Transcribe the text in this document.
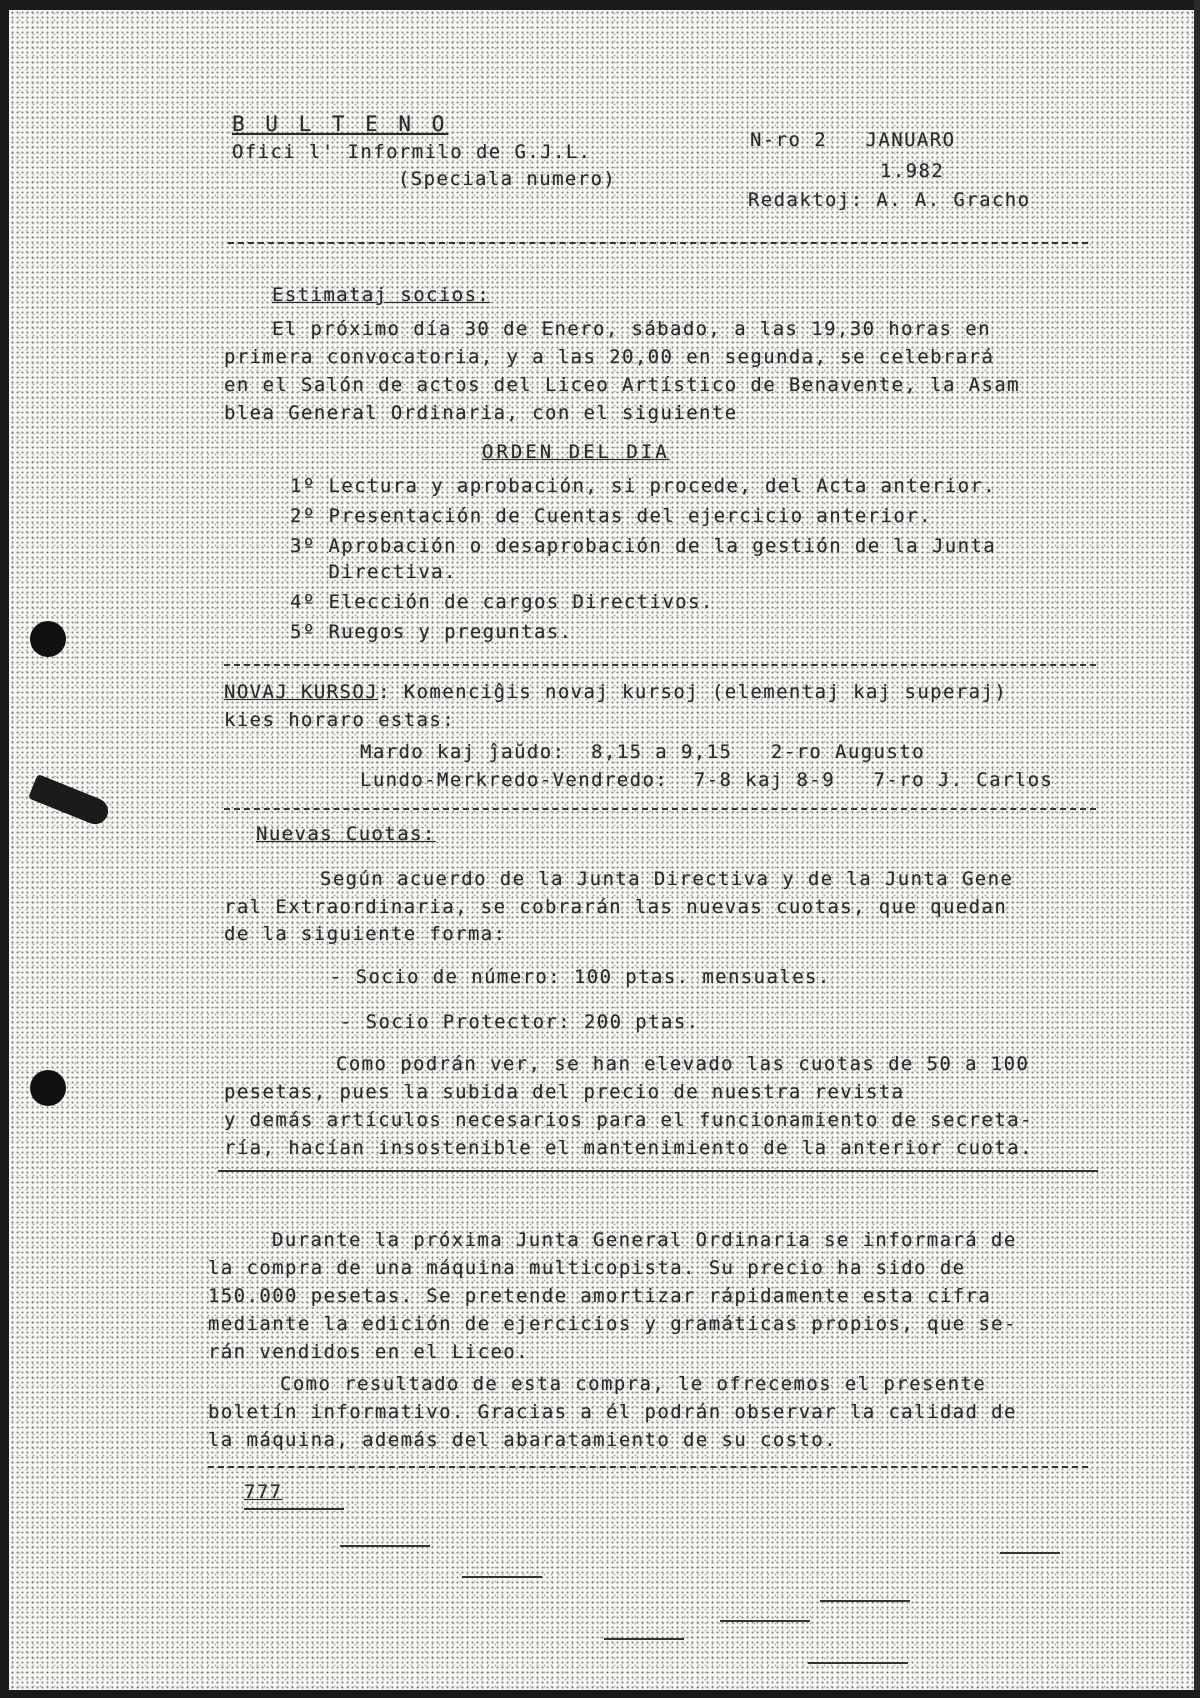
B U L T E N O
Ofici l' Informilo de G.J.L.
(Speciala numero)
N-ro 2   JANUARO
1.982
Redaktoj: A. A. Gracho
Estimataj socios:
El próximo día 30 de Enero, sábado, a las 19,30 horas en
primera convocatoria, y a las 20,00 en segunda, se celebrará
en el Salón de actos del Liceo Artístico de Benavente, la Asam
blea General Ordinaria, con el siguiente
ORDEN DEL DIA
1º Lectura y aprobación, si procede, del Acta anterior.
2º Presentación de Cuentas del ejercicio anterior.
3º Aprobación o desaprobación de la gestión de la Junta
Directiva.
4º Elección de cargos Directivos.
5º Ruegos y preguntas.
NOVAJ KURSOJ: Komenciĝis novaj kursoj (elementaj kaj superaj)
kies horaro estas:
Mardo kaj ĵaŭdo:  8,15 a 9,15   2-ro Augusto
Lundo-Merkredo-Vendredo:  7-8 kaj 8-9   7-ro J. Carlos
Nuevas Cuotas:
Según acuerdo de la Junta Directiva y de la Junta Gene
ral Extraordinaria, se cobrarán las nuevas cuotas, que quedan
de la siguiente forma:
- Socio de número: 100 ptas. mensuales.
- Socio Protector: 200 ptas.
Como podrán ver, se han elevado las cuotas de 50 a 100
pesetas, pues la subida del precio de nuestra revista
y demás artículos necesarios para el funcionamiento de secreta-
ría, hacían insostenible el mantenimiento de la anterior cuota.
Durante la próxima Junta General Ordinaria se informará de
la compra de una máquina multicopista. Su precio ha sido de
150.000 pesetas. Se pretende amortizar rápidamente esta cifra
mediante la edición de ejercicios y gramáticas propios, que se-
rán vendidos en el Liceo.
Como resultado de esta compra, le ofrecemos el presente
boletín informativo. Gracias a él podrán observar la calidad de
la máquina, además del abaratamiento de su costo.
777
